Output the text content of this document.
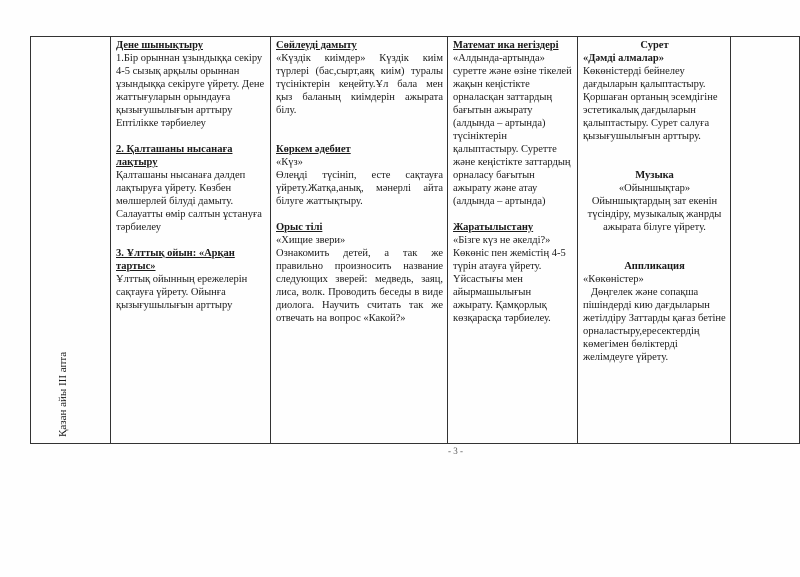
Қазан айы III апта

Дене шынықтыру

1.Бір орыннан ұзындыққа секіру 4-5 сызық арқылы орыннан ұзындыққа секіруге үйрету. Дене жаттығуларын орындауға қызығушылығын арттыру
Ептілікке тәрбиелеу

2. Қалташаны нысанаға лақтыру

Қалташаны нысанаға дәлдеп лақтыруға үйрету. Көзбен мөлшерлей білуді дамыту. Салауатты өмір салтын ұстануға тәрбиелеу

3. Ұлттық ойын: «Арқан тартыс»

Ұлттық ойынның ережелерін сақтауға үйрету. Ойынға қызығушылығын арттыру

Сөйлеуді дамыту

«Күздік киімдер» Күздік киім түрлері (бас,сырт,аяқ киім) туралы түсініктерін кеңейту.Ұл бала мен қыз баланың киімдерін ажырата білу.

Көркем әдебиет

«Күз»
Өлеңді түсініп, есте сақтауға үйрету.Жатқа,анық, мәнерлі айта білуге жаттықтыру.

Орыс тілі

«Хищие звери»
Ознакомить детей, а так же правильно произносить название следующих зверей: медведь, заяц, лиса, волк. Проводить беседы в виде диолога. Научить считать так же отвечать на вопрос «Какой?»

Математ ика негіздері

«Алдында-артында» суретте және өзіне тікелей жақын кеңістікте орналасқан заттардың бағытын ажырату (алдында – артында) түсініктерін қалыптастыру. Суретте және кеңістікте заттардың орналасу бағытын ажырату және атау (алдында – артында)

Жаратылыстану

«Бізге күз не әкелді?» Көкөніс пен жемістің 4-5 түрін атауға үйрету. Үйсастығы мен айырмашылығын ажырату. Қамқорлық көзқарасқа тәрбиелеу.

Сурет

«Дәмді алмалар»
Көкөністерді бейнелеу дағдыларын қалыптастыру. Қоршаған ортаның эсемдігіне эстетикалық дағдыларын қалыптастыру. Сурет салуға қызығушылығын арттыру.

Музыка

«Ойыншықтар»
Ойыншықтардың зат екенін түсіндіру, музыкалық жанрды ажырата білуге үйрету.

Аппликация

«Көкөністер»
Дөңгелек және сопақша пішіндерді кию дағдыларын жетілдіру Заттарды қағаз бетіне орналастыру,ересектердің көмегімен бөліктерді желімдеуге үйрету.

- 3 -
